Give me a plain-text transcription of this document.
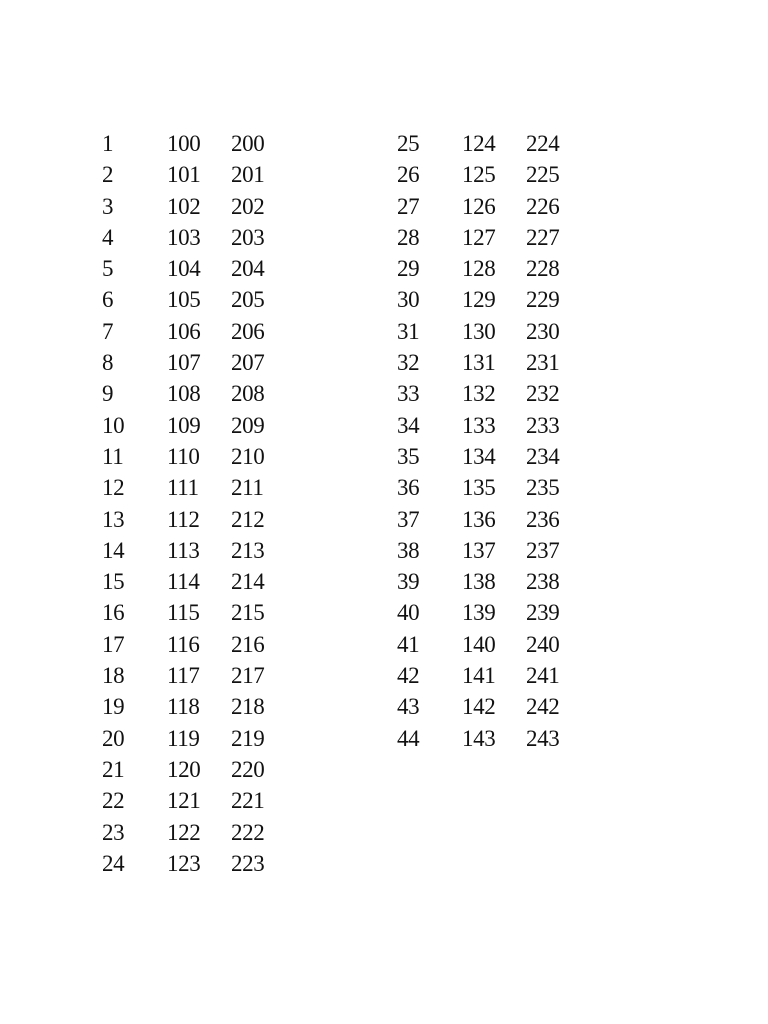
1 100 200
2 101 201
3 102 202
4 103 203
5 104 204
6 105 205
7 106 206
8 107 207
9 108 208
10 109 209
11 110 210
12 111 211
13 112 212
14 113 213
15 114 214
16 115 215
17 116 216
18 117 217
19 118 218
20 119 219
21 120 220
22 121 221
23 122 222
24 123 223
25 124 224
26 125 225
27 126 226
28 127 227
29 128 228
30 129 229
31 130 230
32 131 231
33 132 232
34 133 233
35 134 234
36 135 235
37 136 236
38 137 237
39 138 238
40 139 239
41 140 240
42 141 241
43 142 242
44 143 243
